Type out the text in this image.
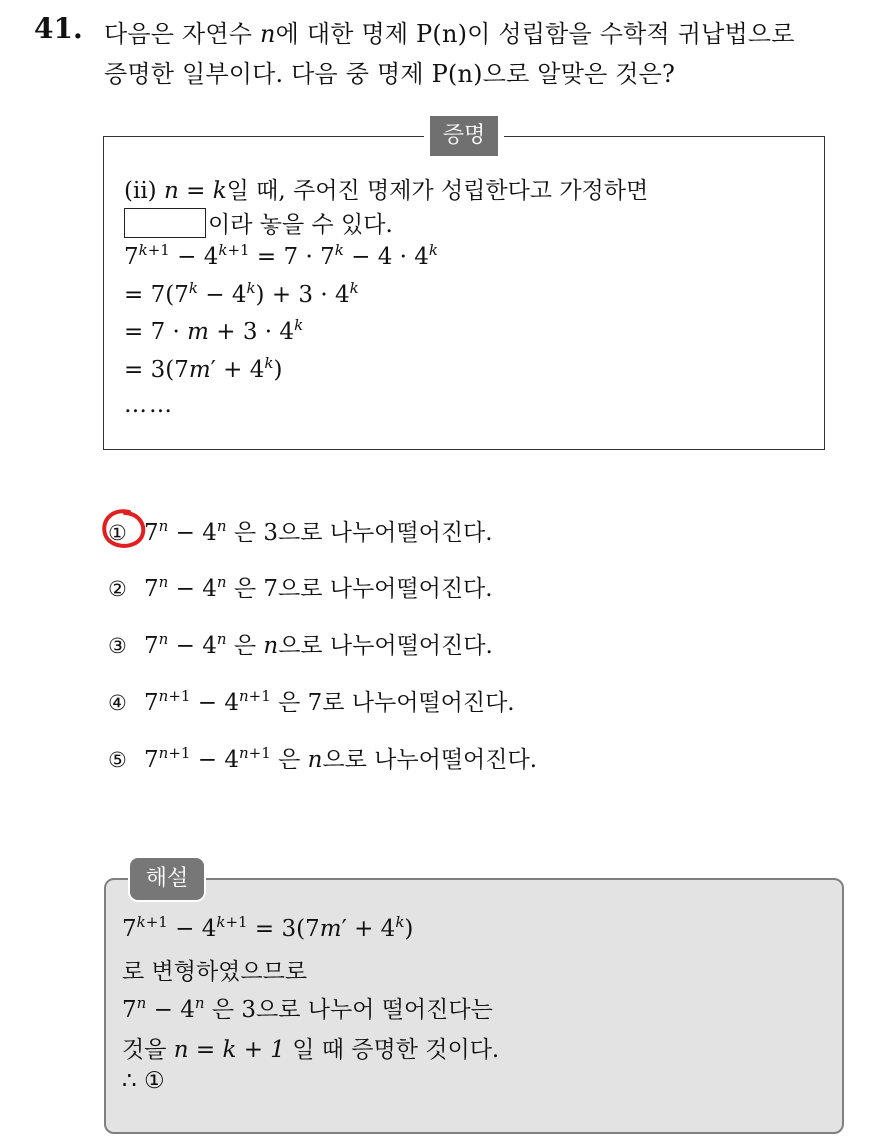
41. 다음은 자연수 n에 대한 명제 P(n)이 성립함을 수학적 귀납법으로
증명한 일부이다. 다음 중 명제 P(n)으로 알맞은 것은?
증명
(ii) n = k일 때, 주어진 명제가 성립한다고 가정하면
이라 놓을 수 있다.
$7^{k+1} - 4^{k+1} = 7 \cdot 7^k - 4 \cdot 4^k$
= $7(7^k - 4^k) + 3 \cdot 4^k$
= $7 \cdot m + 3 \cdot 4^k$
= $3(7m' + 4^k)$
……
① $7^n - 4^n$ 은 3으로 나누어떨어진다.
② $7^n - 4^n$ 은 7으로 나누어떨어진다.
③ $7^n - 4^n$ 은 n으로 나누어떨어진다.
④ $7^{n+1} - 4^{n+1}$ 은 7로 나누어떨어진다.
⑤ $7^{n+1} - 4^{n+1}$ 은 n으로 나누어떨어진다.
해설
$7^{k+1} - 4^{k+1} = 3(7m' + 4^k)$
로 변형하였으므로
$7^n - 4^n$ 은 3으로 나누어 떨어진다는
것을 n = k + 1 일 때 증명한 것이다.
∴ ①
